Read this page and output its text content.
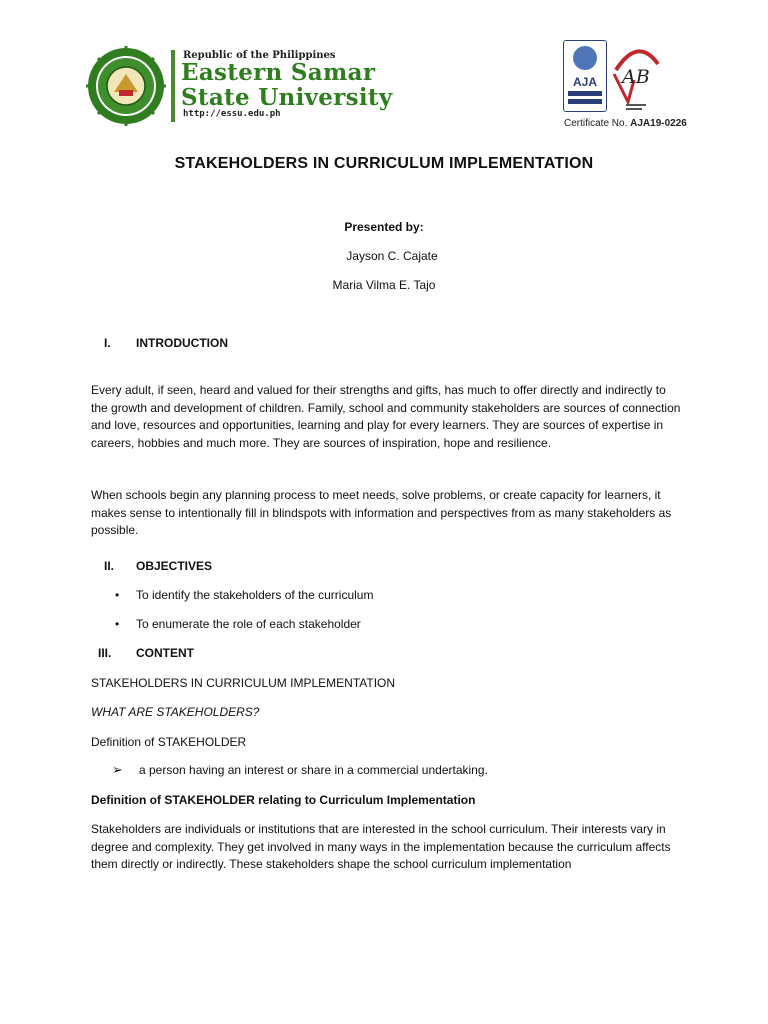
Republic of the Philippines
Eastern Samar
State University
http://essu.edu.ph
AJA	AB
Certificate No. AJA19-0226
STAKEHOLDERS IN CURRICULUM IMPLEMENTATION
Presented by:
Jayson C. Cajate
Maria Vilma E. Tajo
I. INTRODUCTION

Every adult, if seen, heard and valued for their strengths and gifts, has much to offer directly and indirectly to the growth and development of children. Family, school and community stakeholders are sources of connection and love, resources and opportunities, learning and play for every learners. They are sources of expertise in careers, hobbies and much more. They are sources of inspiration, hope and resilience.

When schools begin any planning process to meet needs, solve problems, or create capacity for learners, it makes sense to intentionally fill in blindspots with information and perspectives from as many stakeholders as possible.

II. OBJECTIVES
• To identify the stakeholders of the curriculum
• To enumerate the role of each stakeholder
III. CONTENT
STAKEHOLDERS IN CURRICULUM IMPLEMENTATION
WHAT ARE STAKEHOLDERS?
Definition of STAKEHOLDER
➢ a person having an interest or share in a commercial undertaking.
Definition of STAKEHOLDER relating to Curriculum Implementation

Stakeholders are individuals or institutions that are interested in the school curriculum. Their interests vary in degree and complexity. They get involved in many ways in the implementation because the curriculum affects them directly or indirectly. These stakeholders shape the school curriculum implementation
